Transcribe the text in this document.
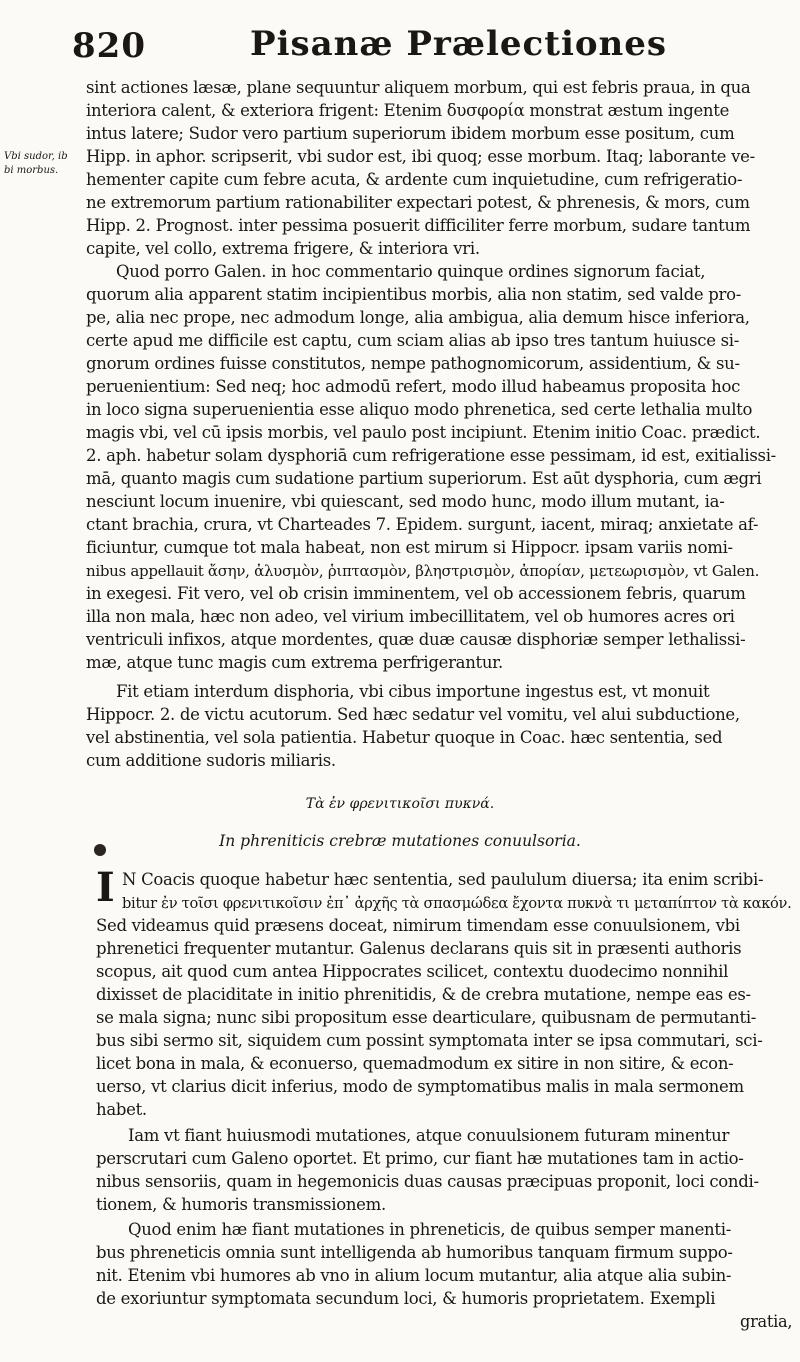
820	Pisanæ Prælectiones
Vbi sudor, ib
bi morbus.
sint actiones læsæ, plane sequuntur aliquem morbum, qui est febris praua, in qua
interiora calent, & exteriora frigent: Etenim δυσφορία monstrat æstum ingente
intus latere; Sudor vero partium superiorum ibidem morbum esse positum, cum
Hipp. in aphor. scripserit, vbi sudor est, ibi quoq; esse morbum. Itaq; laborante ve-
hementer capite cum febre acuta, & ardente cum inquietudine, cum refrigeratio-
ne extremorum partium rationabiliter expectari potest, & phrenesis, & mors, cum
Hipp. 2. Prognost. inter pessima posuerit difficiliter ferre morbum, sudare tantum
capite, vel collo, extrema frigere, & interiora vri.
Quod porro Galen. in hoc commentario quinque ordines signorum faciat,
quorum alia apparent statim incipientibus morbis, alia non statim, sed valde pro-
pe, alia nec prope, nec admodum longe, alia ambigua, alia demum hisce inferiora,
certe apud me difficile est captu, cum sciam alias ab ipso tres tantum huiusce si-
gnorum ordines fuisse constitutos, nempe pathognomicorum, assidentium, & su-
peruenientium: Sed neq; hoc admodū refert, modo illud habeamus proposita hoc
in loco signa superuenientia esse aliquo modo phrenetica, sed certe lethalia multo
magis vbi, vel cū ipsis morbis, vel paulo post incipiunt. Etenim initio Coac. prædict.
2. aph. habetur solam dysphoriā cum refrigeratione esse pessimam, id est, exitialissi-
mā, quanto magis cum sudatione partium superiorum. Est aūt dysphoria, cum ægri
nesciunt locum inuenire, vbi quiescant, sed modo hunc, modo illum mutant, ia-
ctant brachia, crura, vt Charteades 7. Epidem. surgunt, iacent, miraq; anxietate af-
ficiuntur, cumque tot mala habeat, non est mirum si Hippocr. ipsam variis nomi-
nibus appellauit ἄσην, ἀλυσμὸν, ῥιπτασμὸν, βληστρισμὸν, ἀπορίαν, μετεωρισμὸν, vt Galen.
in exegesi. Fit vero, vel ob crisin imminentem, vel ob accessionem febris, quarum
illa non mala, hæc non adeo, vel virium imbecillitatem, vel ob humores acres ori
ventriculi infixos, atque mordentes, quæ duæ causæ disphoriæ semper lethalissi-
mæ, atque tunc magis cum extrema perfrigerantur.
Fit etiam interdum disphoria, vbi cibus importune ingestus est, vt monuit
Hippocr. 2. de victu acutorum. Sed hæc sedatur vel vomitu, vel alui subductione,
vel abstinentia, vel sola patientia. Habetur quoque in Coac. hæc sententia, sed
cum additione sudoris miliaris.
Τὰ ἐν φρενιτικοῖσι πυκνά.
In phreniticis crebræ mutationes conuulsoria.
I N Coacis quoque habetur hæc sententia, sed paululum diuersa; ita enim scribi-
bitur ἐν τοῖσι φρενιτικοῖσιν ἐπ᾽ ἀρχῆς τὰ σπασμώδεα ἔχοντα πυκνὰ τι μεταπίπτον τὰ κακόν.
Sed videamus quid præsens doceat, nimirum timendam esse conuulsionem, vbi
phrenetici frequenter mutantur. Galenus declarans quis sit in præsenti authoris
scopus, ait quod cum antea Hippocrates scilicet, contextu duodecimo nonnihil
dixisset de placiditate in initio phrenitidis, & de crebra mutatione, nempe eas es-
se mala signa; nunc sibi propositum esse dearticulare, quibusnam de permutanti-
bus sibi sermo sit, siquidem cum possint symptomata inter se ipsa commutari, sci-
licet bona in mala, & econuerso, quemadmodum ex sitire in non sitire, & econ-
uerso, vt clarius dicit inferius, modo de symptomatibus malis in mala sermonem
habet.
Iam vt fiant huiusmodi mutationes, atque conuulsionem futuram minentur
perscrutari cum Galeno oportet. Et primo, cur fiant hæ mutationes tam in actio-
nibus sensoriis, quam in hegemonicis duas causas præcipuas proponit, loci condi-
tionem, & humoris transmissionem.
Quod enim hæ fiant mutationes in phreneticis, de quibus semper manenti-
bus phreneticis omnia sunt intelligenda ab humoribus tanquam firmum suppo-
nit. Etenim vbi humores ab vno in alium locum mutantur, alia atque alia subin-
de exoriuntur symptomata secundum loci, & humoris proprietatem. Exempli
gratia,
